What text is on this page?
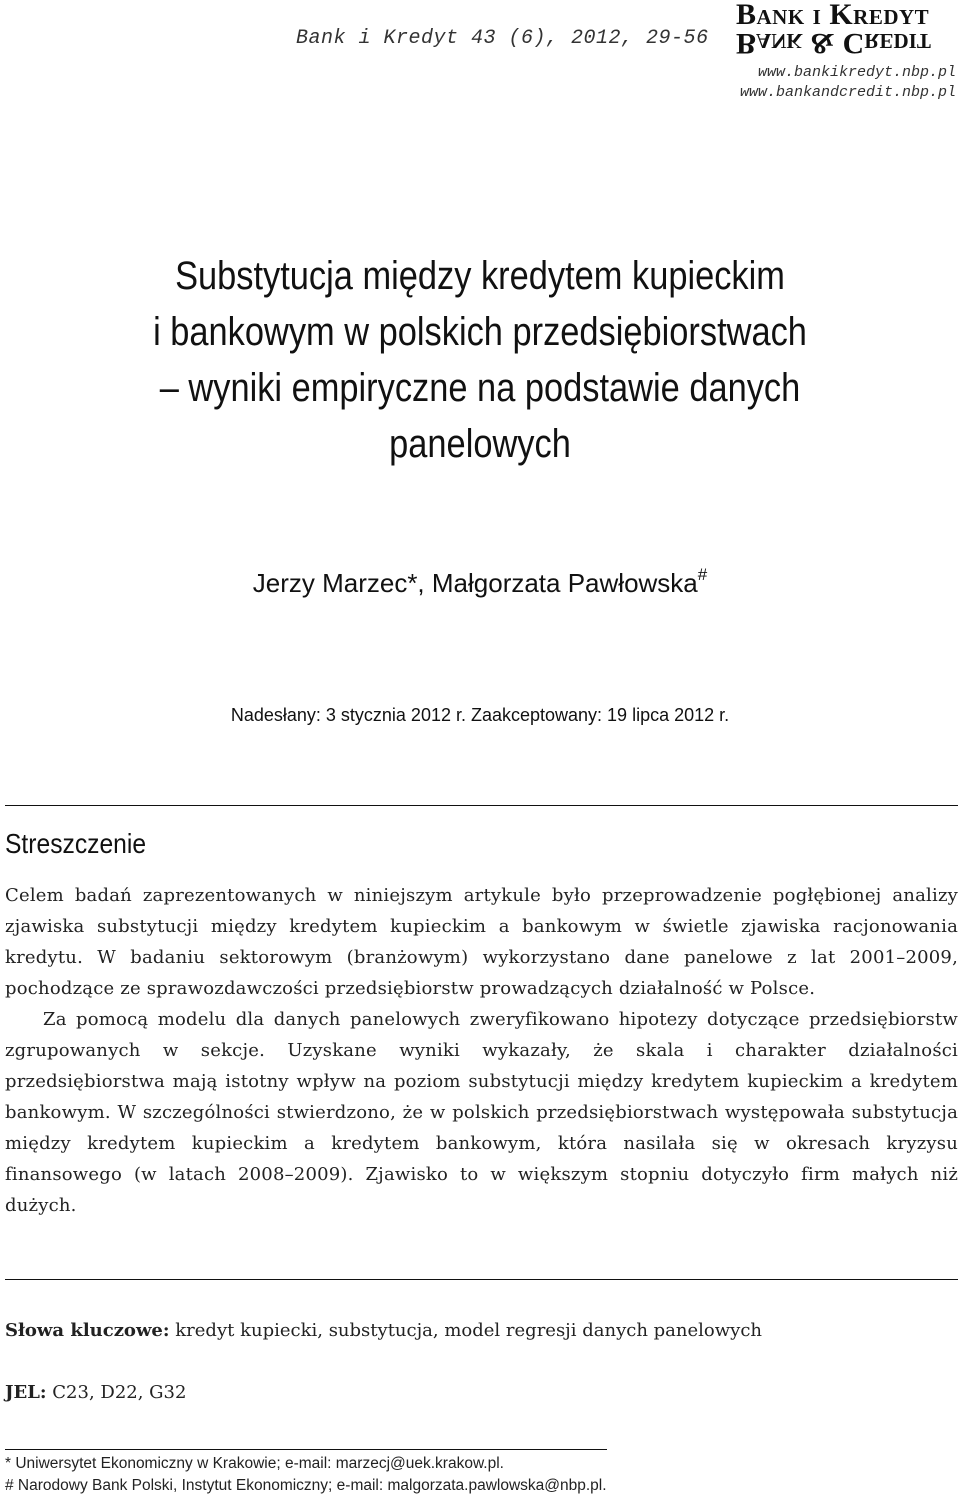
Bank i Kredyt 43 (6), 2012, 29-56
Bank i Kredyt
Bank & Credit
www.bankikredyt.nbp.pl
www.bankandcredit.nbp.pl
Substytucja między kredytem kupieckim
i bankowym w polskich przedsiębiorstwach
– wyniki empiryczne na podstawie danych
panelowych
Jerzy Marzec*, Małgorzata Pawłowska#
Nadesłany: 3 stycznia 2012 r. Zaakceptowany: 19 lipca 2012 r.
Streszczenie

Celem badań zaprezentowanych w niniejszym artykule było przeprowadzenie pogłębionej analizy zjawiska substytucji między kredytem kupieckim a bankowym w świetle zjawiska racjonowania kredytu. W badaniu sektorowym (branżowym) wykorzystano dane panelowe z lat 2001–2009, pochodzące ze sprawozdawczości przedsiębiorstw prowadzących działalność w Polsce.

Za pomocą modelu dla danych panelowych zweryfikowano hipotezy dotyczące przedsiębiorstw zgrupowanych w sekcje. Uzyskane wyniki wykazały, że skala i charakter działalności przedsiębiorstwa mają istotny wpływ na poziom substytucji między kredytem kupieckim a kredytem bankowym. W szczególności stwierdzono, że w polskich przedsiębiorstwach występowała substytucja między kredytem kupieckim a kredytem bankowym, która nasilała się w okresach kryzysu finansowego (w latach 2008–2009). Zjawisko to w większym stopniu dotyczyło firm małych niż dużych.

Słowa kluczowe: kredyt kupiecki, substytucja, model regresji danych panelowych
JEL: C23, D22, G32
* Uniwersytet Ekonomiczny w Krakowie; e-mail: marzecj@uek.krakow.pl.
# Narodowy Bank Polski, Instytut Ekonomiczny; e-mail: malgorzata.pawlowska@nbp.pl.
